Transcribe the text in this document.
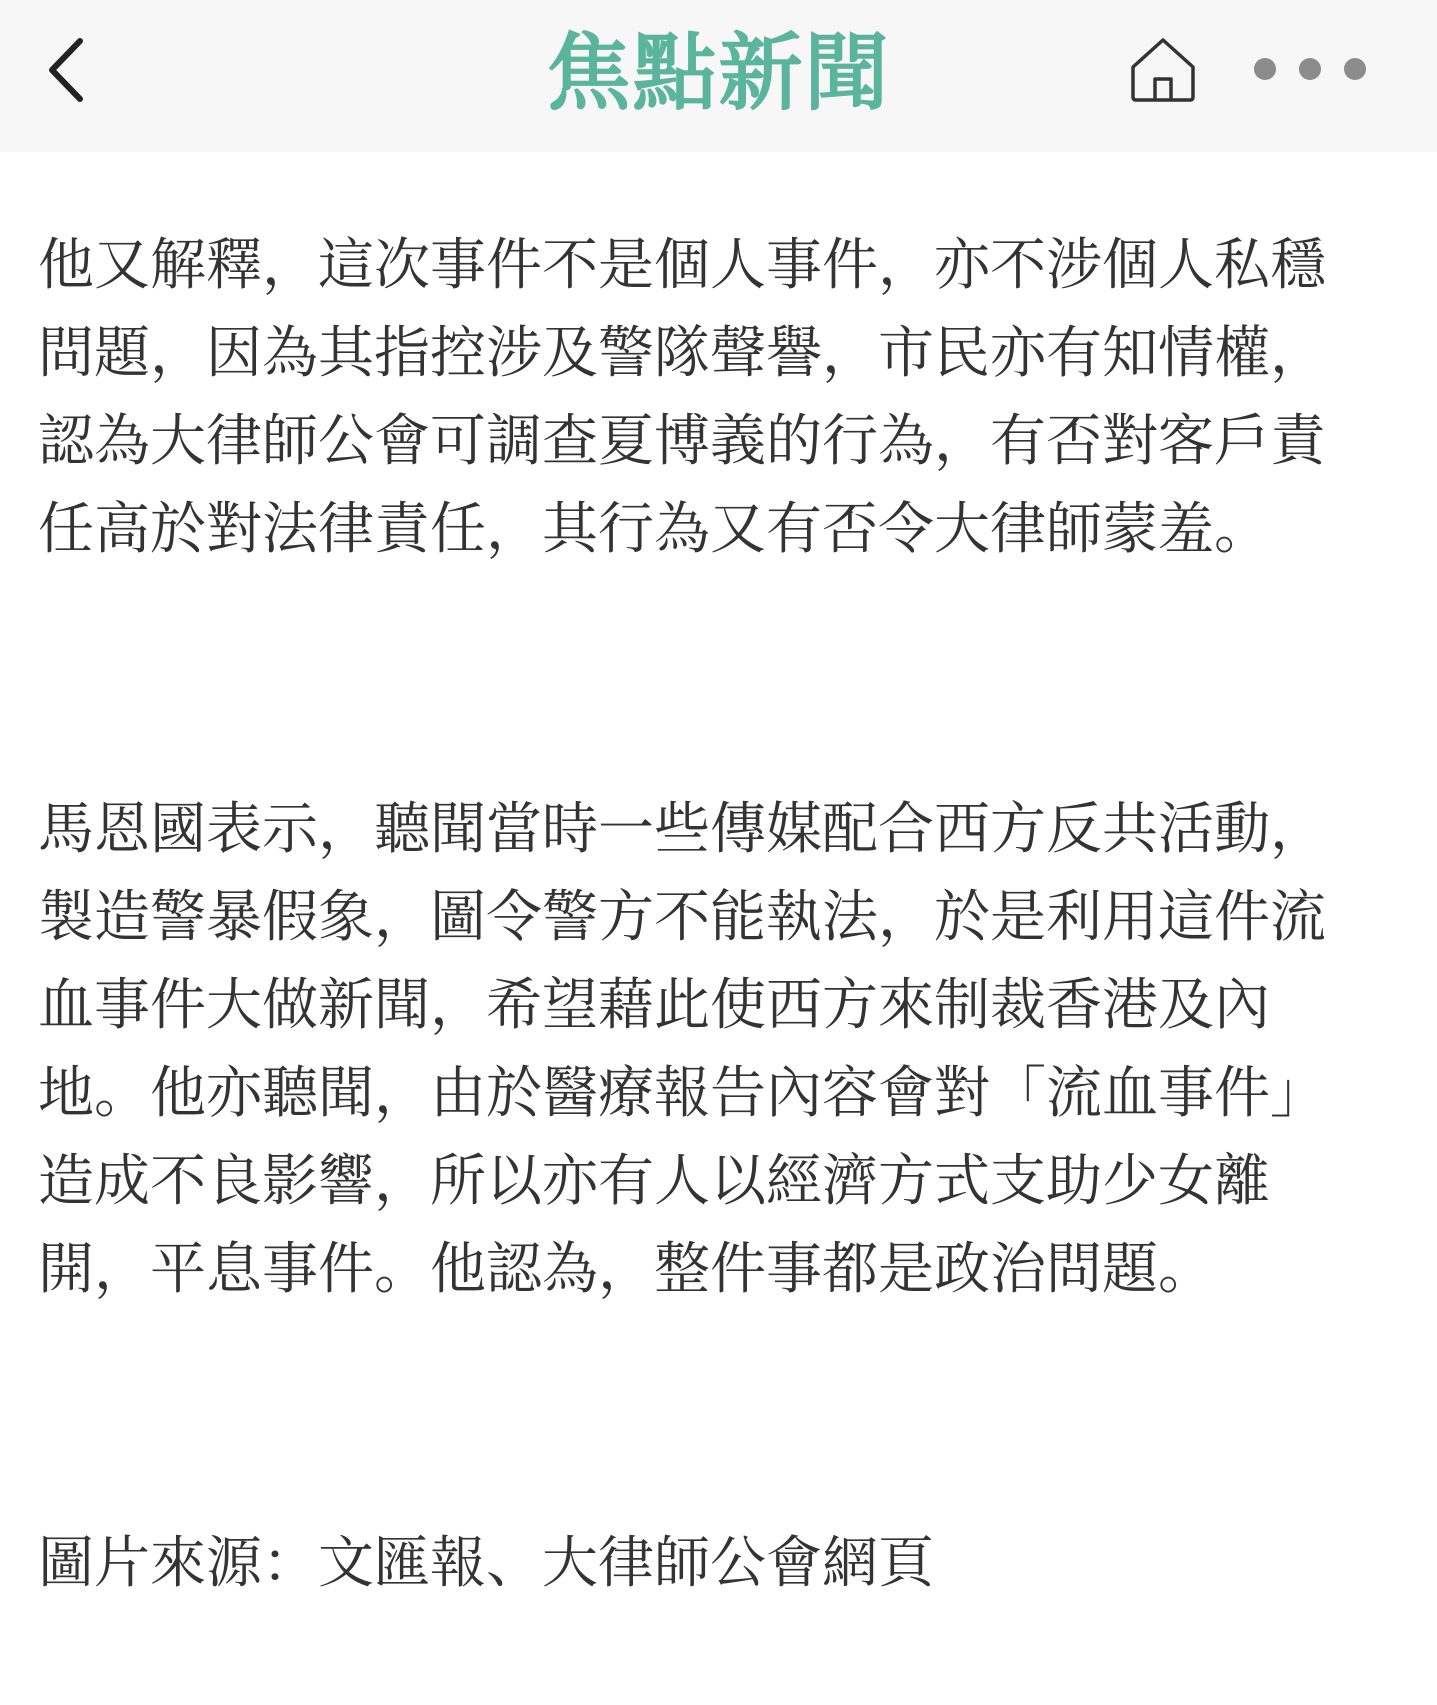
焦點新聞

他又解釋，這次事件不是個人事件，亦不涉個人私穩
問題，因為其指控涉及警隊聲譽，市民亦有知情權，
認為大律師公會可調查夏博義的行為，有否對客戶責
任高於對法律責任，其行為又有否令大律師蒙羞。

馬恩國表示，聽聞當時一些傳媒配合西方反共活動，
製造警暴假象，圖令警方不能執法，於是利用這件流
血事件大做新聞，希望藉此使西方來制裁香港及內
地。他亦聽聞，由於醫療報告內容會對「流血事件」
造成不良影響，所以亦有人以經濟方式支助少女離
開，平息事件。他認為，整件事都是政治問題。

圖片來源：文匯報、大律師公會網頁
